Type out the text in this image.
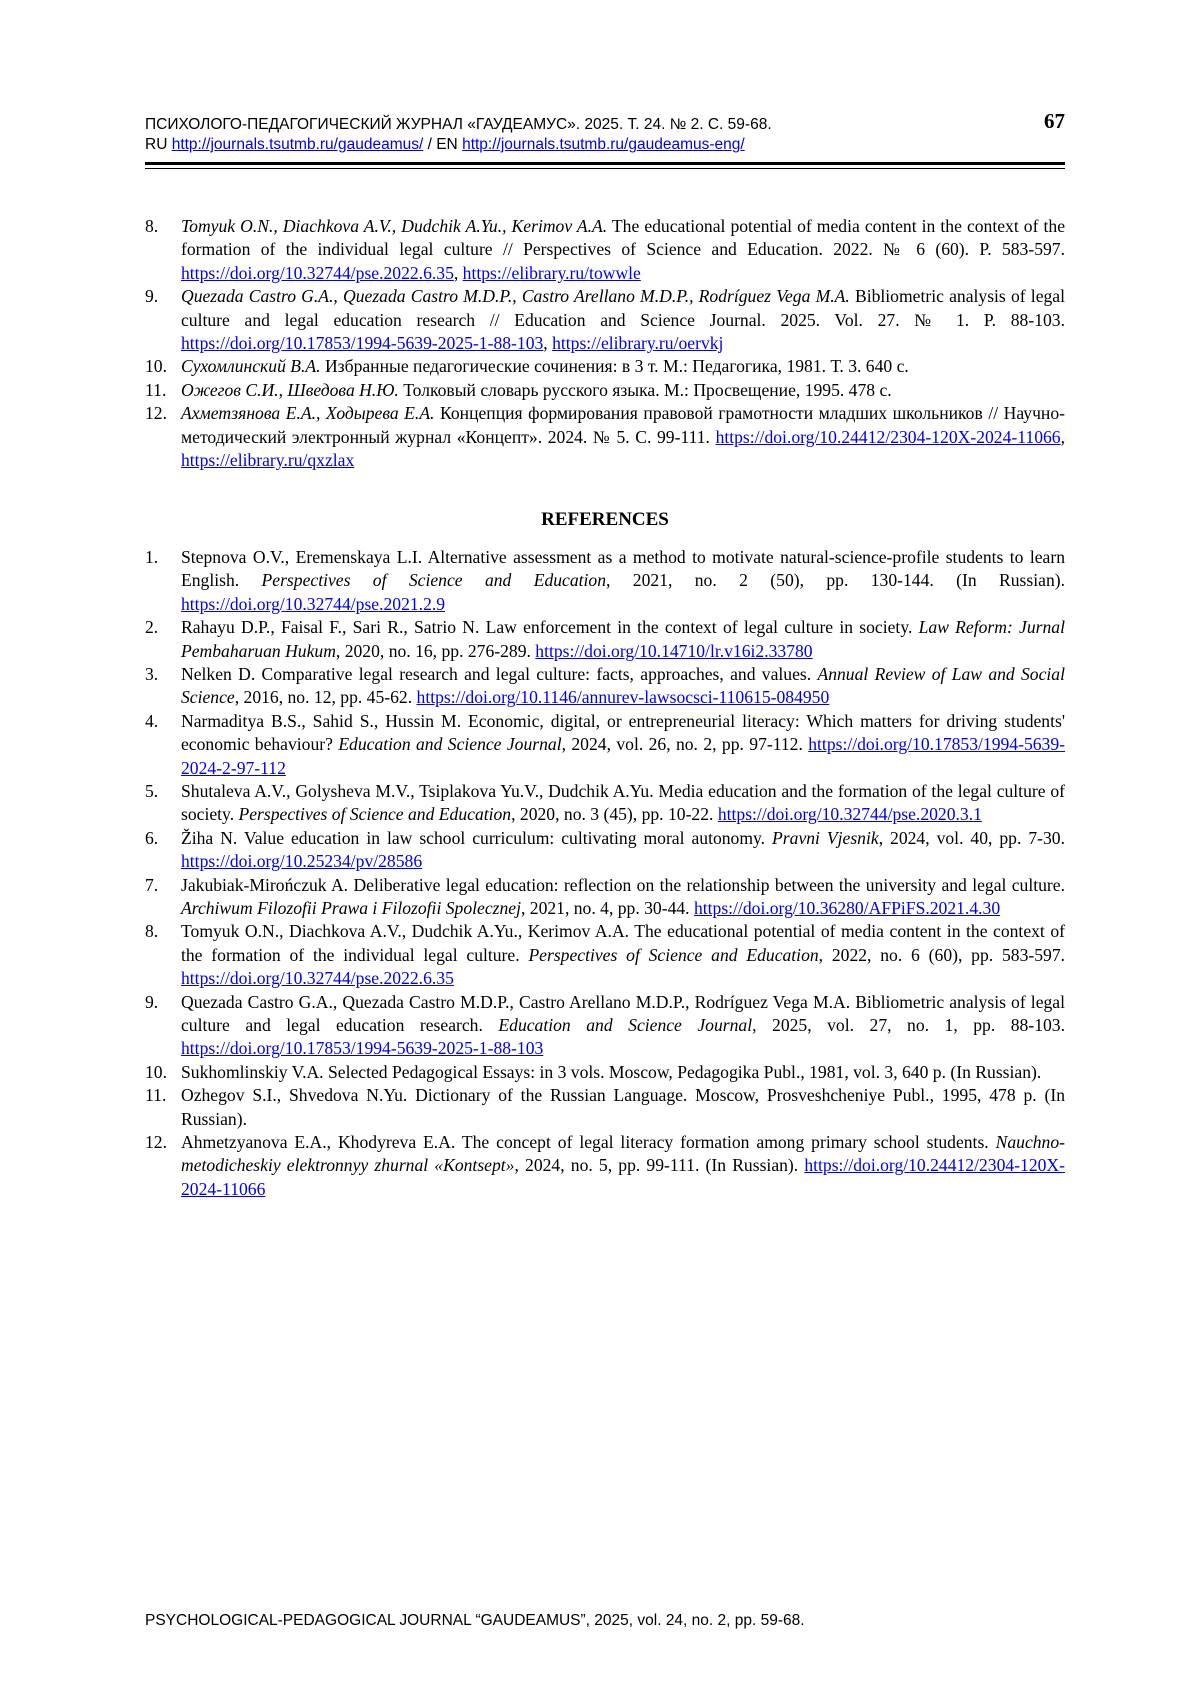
ПСИХОЛОГО-ПЕДАГОГИЧЕСКИЙ ЖУРНАЛ «ГАУДЕАМУС». 2025. Т. 24. № 2. С. 59-68.
RU http://journals.tsutmb.ru/gaudeamus/ / EN http://journals.tsutmb.ru/gaudeamus-eng/
67
8. Tomyuk O.N., Diachkova A.V., Dudchik A.Yu., Kerimov A.A. The educational potential of media content in the context of the formation of the individual legal culture // Perspectives of Science and Education. 2022. № 6 (60). P. 583-597. https://doi.org/10.32744/pse.2022.6.35, https://elibrary.ru/towwle
9. Quezada Castro G.A., Quezada Castro M.D.P., Castro Arellano M.D.P., Rodríguez Vega M.A. Bibliometric analysis of legal culture and legal education research // Education and Science Journal. 2025. Vol. 27. № 1. P. 88-103. https://doi.org/10.17853/1994-5639-2025-1-88-103, https://elibrary.ru/oervkj
10. Сухомлинский В.А. Избранные педагогические сочинения: в 3 т. М.: Педагогика, 1981. Т. 3. 640 с.
11. Ожегов С.И., Шведова Н.Ю. Толковый словарь русского языка. М.: Просвещение, 1995. 478 с.
12. Ахметзянова Е.А., Ходырева Е.А. Концепция формирования правовой грамотности младших школьников // Научно-методический электронный журнал «Концепт». 2024. № 5. С. 99-111. https://doi.org/10.24412/2304-120X-2024-11066, https://elibrary.ru/qxzlax
REFERENCES
1. Stepnova O.V., Eremenskaya L.I. Alternative assessment as a method to motivate natural-science-profile students to learn English. Perspectives of Science and Education, 2021, no. 2 (50), pp. 130-144. (In Russian). https://doi.org/10.32744/pse.2021.2.9
2. Rahayu D.P., Faisal F., Sari R., Satrio N. Law enforcement in the context of legal culture in society. Law Reform: Jurnal Pembaharuan Hukum, 2020, no. 16, pp. 276-289. https://doi.org/10.14710/lr.v16i2.33780
3. Nelken D. Comparative legal research and legal culture: facts, approaches, and values. Annual Review of Law and Social Science, 2016, no. 12, pp. 45-62. https://doi.org/10.1146/annurev-lawsocsci-110615-084950
4. Narmaditya B.S., Sahid S., Hussin M. Economic, digital, or entrepreneurial literacy: Which matters for driving students' economic behaviour? Education and Science Journal, 2024, vol. 26, no. 2, pp. 97-112. https://doi.org/10.17853/1994-5639-2024-2-97-112
5. Shutaleva A.V., Golysheva M.V., Tsiplakova Yu.V., Dudchik A.Yu. Media education and the formation of the legal culture of society. Perspectives of Science and Education, 2020, no. 3 (45), pp. 10-22. https://doi.org/10.32744/pse.2020.3.1
6. Žiha N. Value education in law school curriculum: cultivating moral autonomy. Pravni Vjesnik, 2024, vol. 40, pp. 7-30. https://doi.org/10.25234/pv/28586
7. Jakubiak-Mirończuk A. Deliberative legal education: reflection on the relationship between the university and legal culture. Archiwum Filozofii Prawa i Filozofii Spolecznej, 2021, no. 4, pp. 30-44. https://doi.org/10.36280/AFPiFS.2021.4.30
8. Tomyuk O.N., Diachkova A.V., Dudchik A.Yu., Kerimov A.A. The educational potential of media content in the context of the formation of the individual legal culture. Perspectives of Science and Education, 2022, no. 6 (60), pp. 583-597. https://doi.org/10.32744/pse.2022.6.35
9. Quezada Castro G.A., Quezada Castro M.D.P., Castro Arellano M.D.P., Rodríguez Vega M.A. Bibliometric analysis of legal culture and legal education research. Education and Science Journal, 2025, vol. 27, no. 1, pp. 88-103. https://doi.org/10.17853/1994-5639-2025-1-88-103
10. Sukhomlinskiy V.A. Selected Pedagogical Essays: in 3 vols. Moscow, Pedagogika Publ., 1981, vol. 3, 640 p. (In Russian).
11. Ozhegov S.I., Shvedova N.Yu. Dictionary of the Russian Language. Moscow, Prosveshcheniye Publ., 1995, 478 p. (In Russian).
12. Ahmetzyanova E.A., Khodyreva E.A. The concept of legal literacy formation among primary school students. Nauchno-metodicheskiy elektronnyy zhurnal «Kontsept», 2024, no. 5, pp. 99-111. (In Russian). https://doi.org/10.24412/2304-120X-2024-11066
PSYCHOLOGICAL-PEDAGOGICAL JOURNAL “GAUDEAMUS”, 2025, vol. 24, no. 2, pp. 59-68.
